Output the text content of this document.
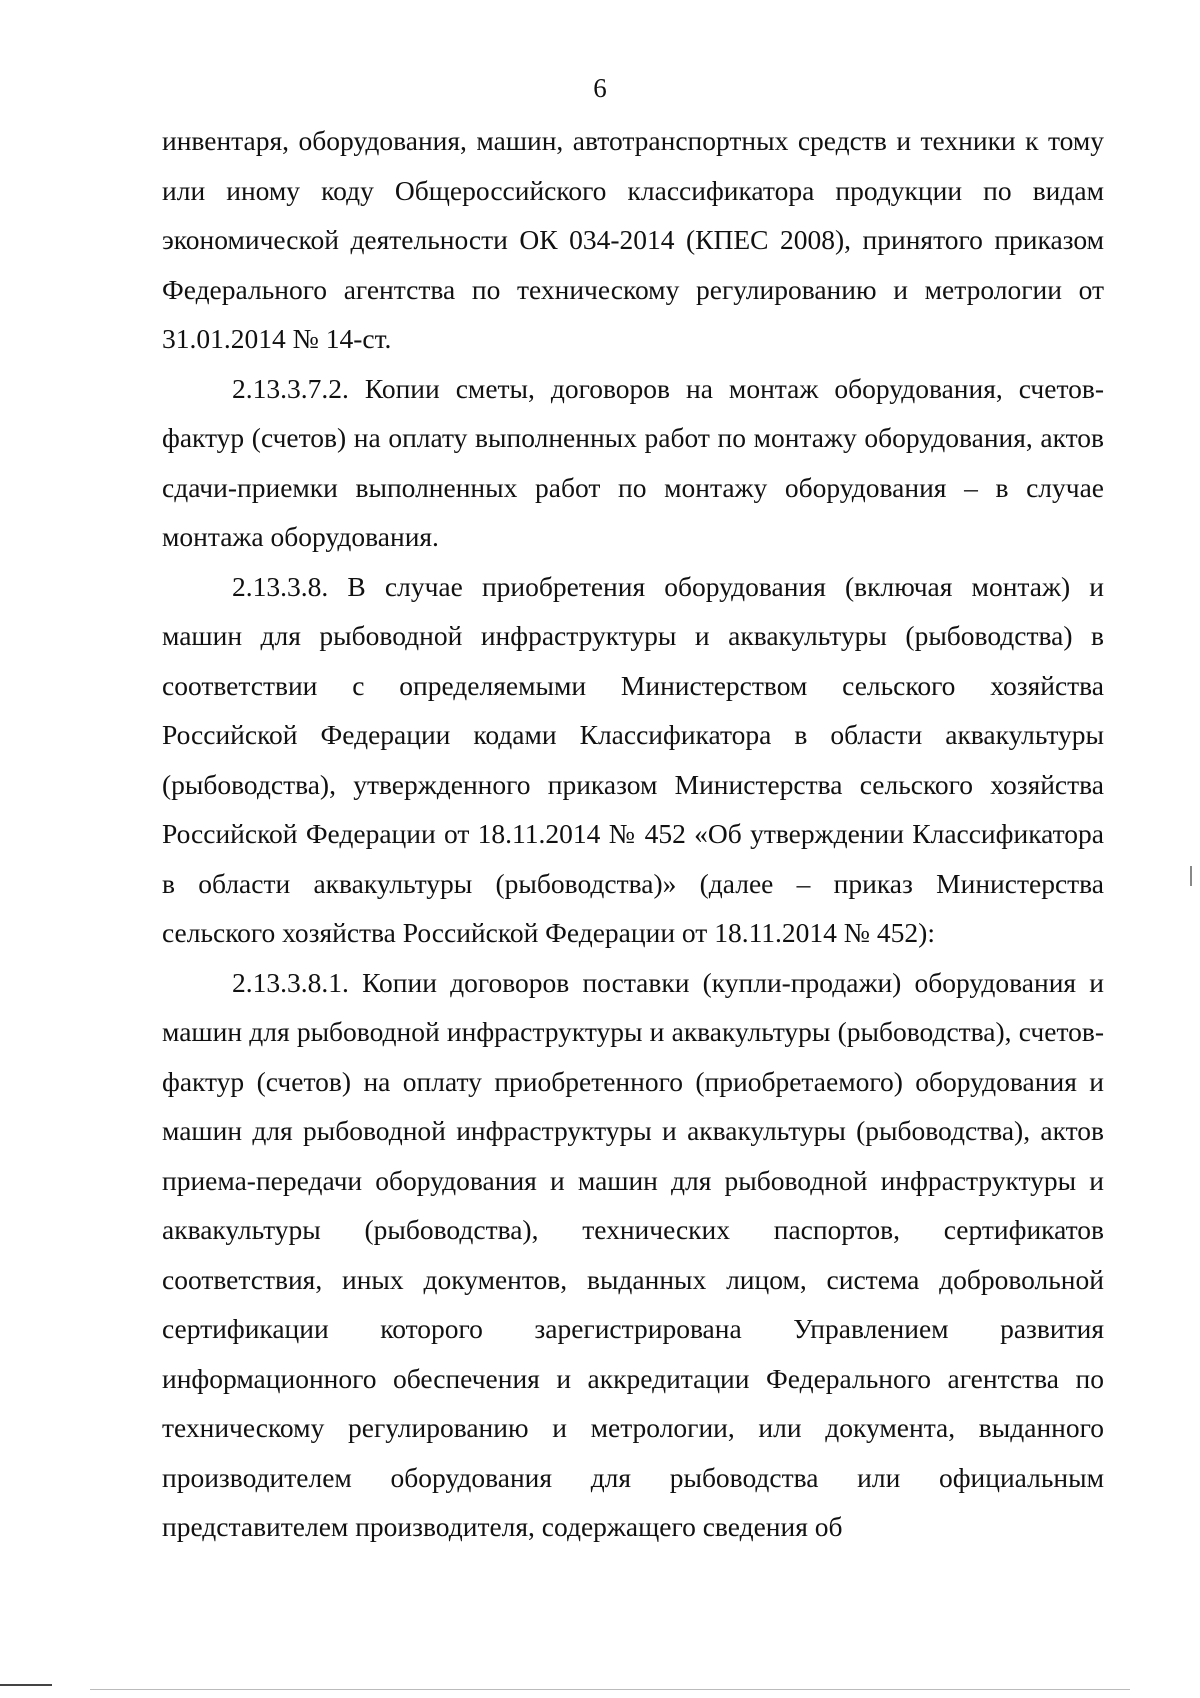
6

инвентаря, оборудования, машин, автотранспортных средств и техники к тому или иному коду Общероссийского классификатора продукции по видам экономической деятельности ОК 034-2014 (КПЕС 2008), принятого приказом Федерального агентства по техническому регулированию и метрологии от 31.01.2014 № 14-ст.

2.13.3.7.2. Копии сметы, договоров на монтаж оборудования, счетов-фактур (счетов) на оплату выполненных работ по монтажу оборудования, актов сдачи-приемки выполненных работ по монтажу оборудования – в случае монтажа оборудования.

2.13.3.8. В случае приобретения оборудования (включая монтаж) и машин для рыбоводной инфраструктуры и аквакультуры (рыбоводства) в соответствии с определяемыми Министерством сельского хозяйства Российской Федерации кодами Классификатора в области аквакультуры (рыбоводства), утвержденного приказом Министерства сельского хозяйства Российской Федерации от 18.11.2014 № 452 «Об утверждении Классификатора в области аквакультуры (рыбоводства)» (далее – приказ Министерства сельского хозяйства Российской Федерации от 18.11.2014 № 452):

2.13.3.8.1. Копии договоров поставки (купли-продажи) оборудования и машин для рыбоводной инфраструктуры и аквакультуры (рыбоводства), счетов-фактур (счетов) на оплату приобретенного (приобретаемого) оборудования и машин для рыбоводной инфраструктуры и аквакультуры (рыбоводства), актов приема-передачи оборудования и машин для рыбоводной инфраструктуры и аквакультуры (рыбоводства), технических паспортов, сертификатов соответствия, иных документов, выданных лицом, система добровольной сертификации которого зарегистрирована Управлением развития информационного обеспечения и аккредитации Федерального агентства по техническому регулированию и метрологии, или документа, выданного производителем оборудования для рыбоводства или официальным представителем производителя, содержащего сведения об
